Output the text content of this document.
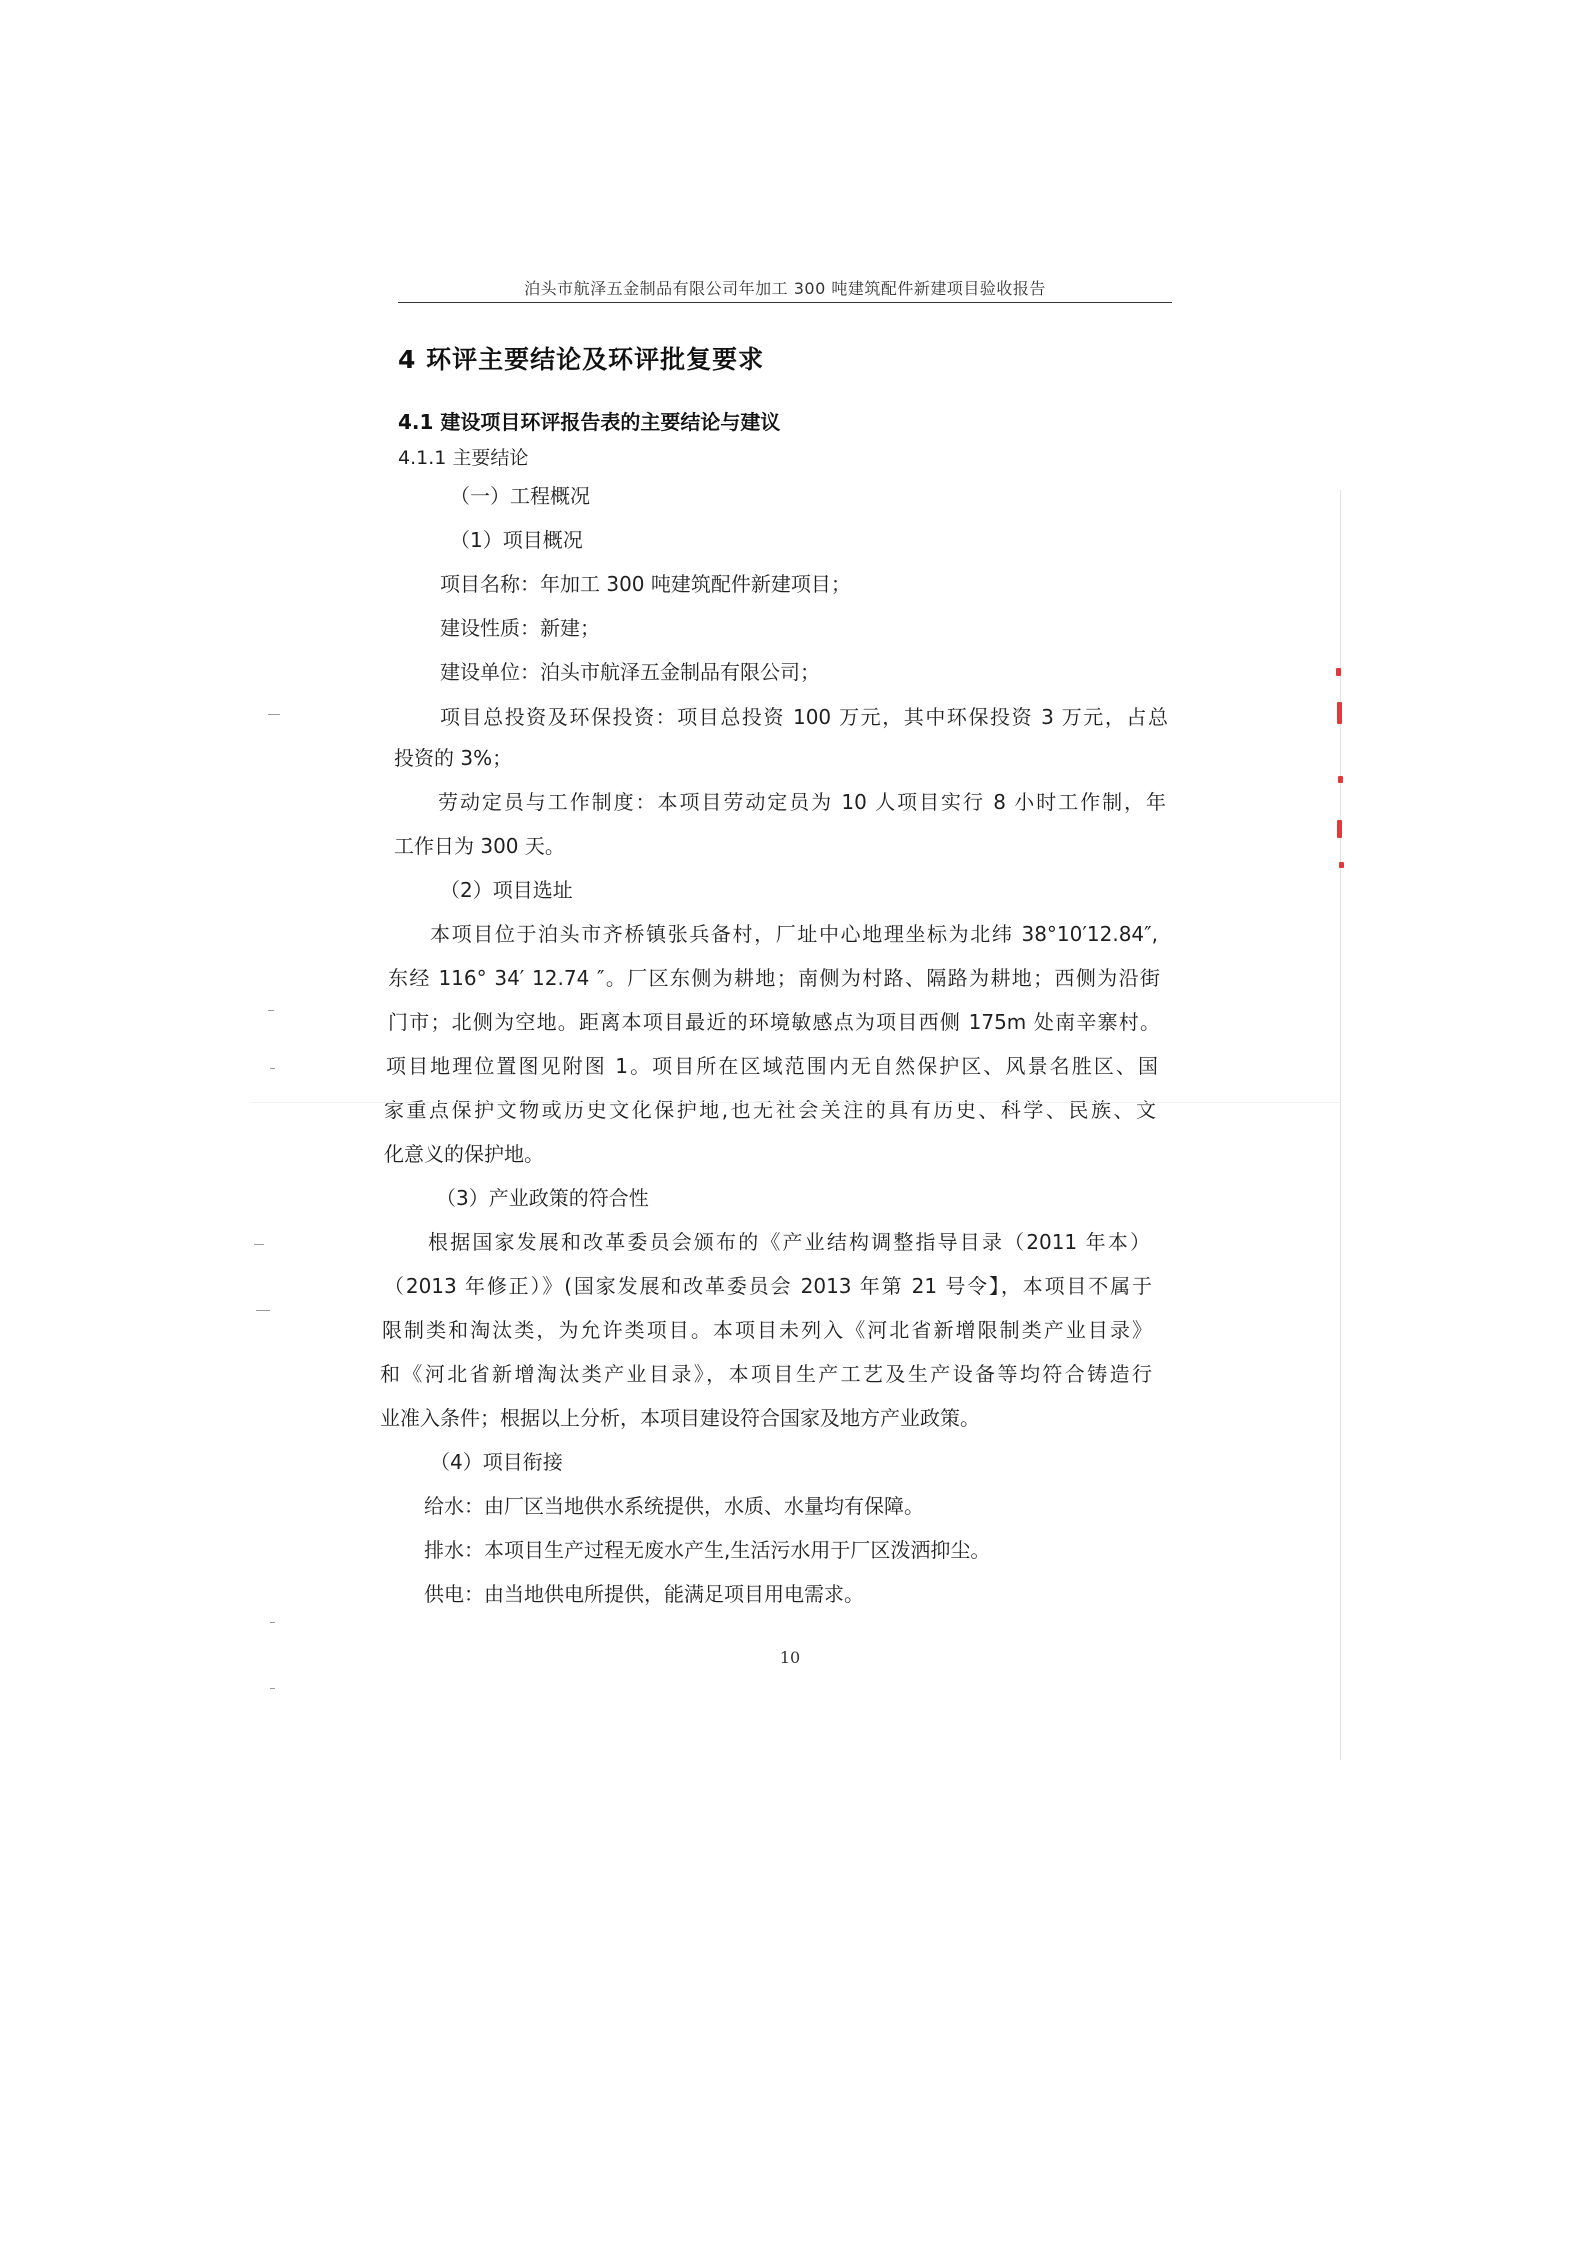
泊头市航泽五金制品有限公司年加工 300 吨建筑配件新建项目验收报告
4 环评主要结论及环评批复要求
4.1 建设项目环评报告表的主要结论与建议
4.1.1 主要结论
（一）工程概况
（1）项目概况
项目名称：年加工 300 吨建筑配件新建项目；
建设性质：新建；
建设单位：泊头市航泽五金制品有限公司；
项目总投资及环保投资：项目总投资 100 万元，其中环保投资 3 万元，占总
投资的 3%；
劳动定员与工作制度：本项目劳动定员为 10 人项目实行 8 小时工作制，年
工作日为 300 天。
（2）项目选址
本项目位于泊头市齐桥镇张兵备村，厂址中心地理坐标为北纬 38°10′12.84″,
东经 116° 34′ 12.74 ″。厂区东侧为耕地；南侧为村路、隔路为耕地；西侧为沿街
门市；北侧为空地。距离本项目最近的环境敏感点为项目西侧 175m 处南辛寨村。
项目地理位置图见附图 1。项目所在区域范围内无自然保护区、风景名胜区、国
家重点保护文物或历史文化保护地,也无社会关注的具有历史、科学、民族、文
化意义的保护地。
（3）产业政策的符合性
根据国家发展和改革委员会颁布的《产业结构调整指导目录（2011 年本）
（2013 年修正）》(国家发展和改革委员会 2013 年第 21 号令】，本项目不属于
限制类和淘汰类，为允许类项目。本项目未列入《河北省新增限制类产业目录》
和《河北省新增淘汰类产业目录》，本项目生产工艺及生产设备等均符合铸造行
业准入条件；根据以上分析，本项目建设符合国家及地方产业政策。
（4）项目衔接
给水：由厂区当地供水系统提供，水质、水量均有保障。
排水：本项目生产过程无废水产生,生活污水用于厂区泼洒抑尘。
供电：由当地供电所提供，能满足项目用电需求。
10
